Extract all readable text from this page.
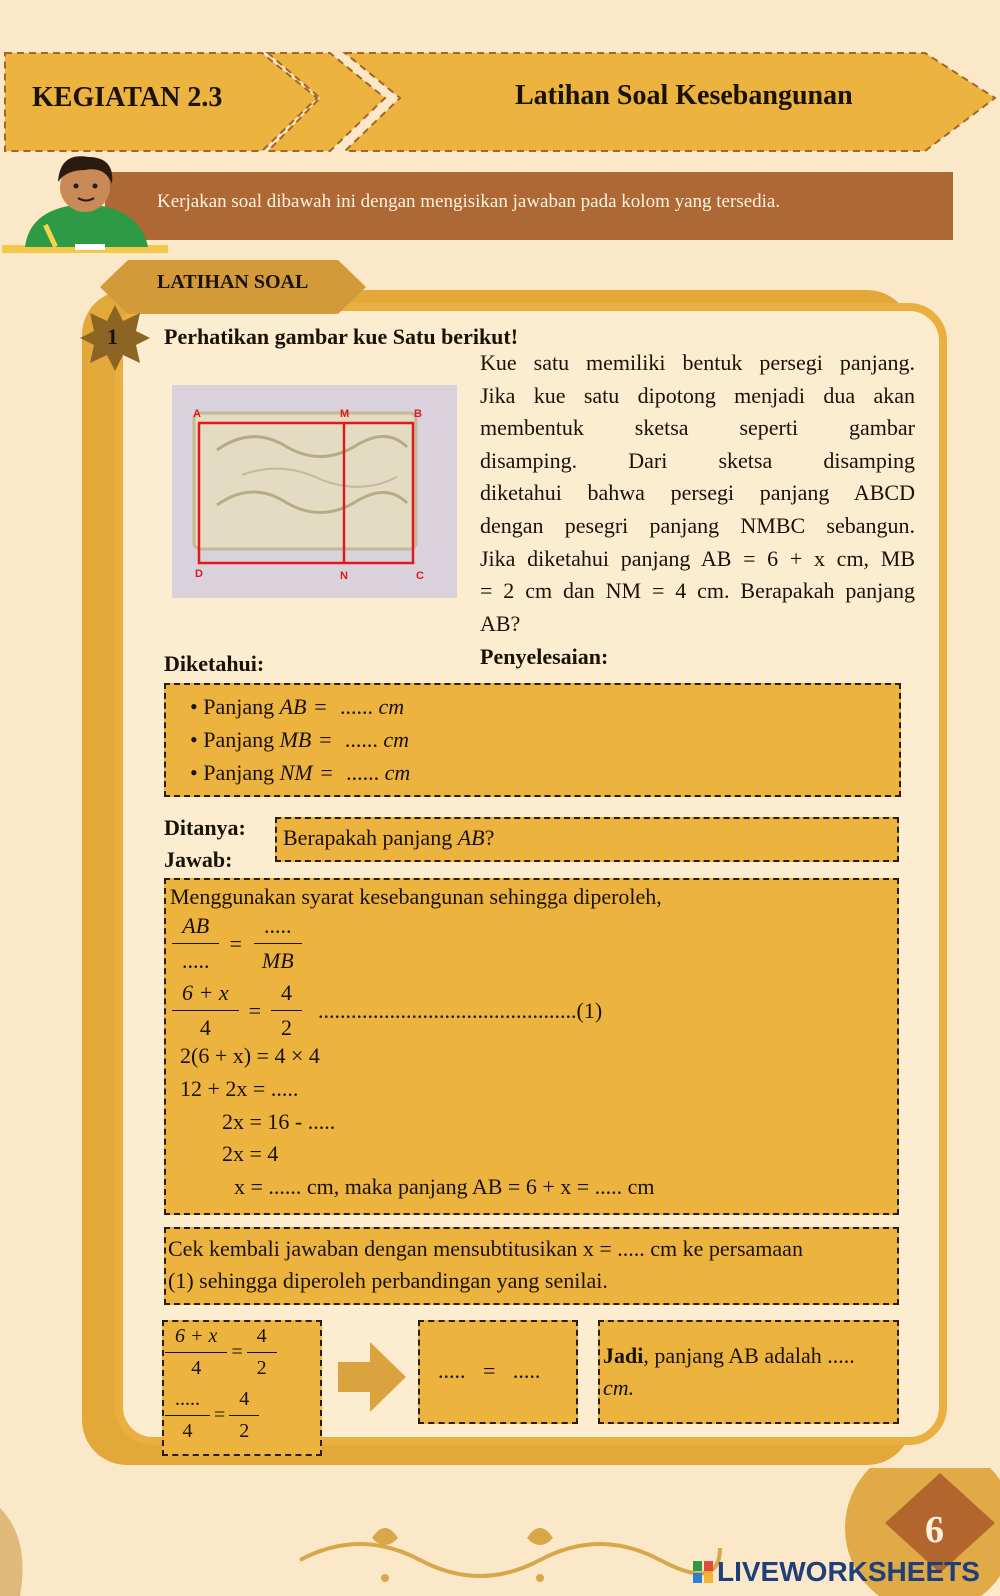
KEGIATAN 2.3	Latihan Soal Kesebangunan
Kerjakan soal dibawah ini dengan mengisikan jawaban pada kolom yang tersedia.
LATIHAN SOAL
1 Perhatikan gambar kue Satu berikut!
A	M	B
D	N	C
Kue satu memiliki bentuk persegi panjang.
Jika kue satu dipotong menjadi dua akan
membentuk sketsa seperti gambar
disamping. Dari sketsa disamping
diketahui bahwa persegi panjang ABCD
dengan pesegri panjang NMBC sebangun.
Jika diketahui panjang AB = 6 + x cm, MB
= 2 cm dan NM = 4 cm. Berapakah panjang
AB?
Diketahui:	Penyelesaian:
• Panjang AB = ...... cm
• Panjang MB = ...... cm
• Panjang NM = ...... cm
Ditanya:
Jawab:
Berapakah panjang AB?
Menggunakan syarat kesebangunan sehingga diperoleh,
$\frac{AB}{.....} = \frac{.....}{MB}$
$\frac{6 + x}{4} = \frac{4}{2} ...............................................(1)$
2(6 + x) = 4 × 4
12 + 2x = .....
2x = 16 - .....
2x = 4
x = ...... cm, maka panjang AB = 6 + x = ..... cm
Cek kembali jawaban dengan mensubtitusikan x = ..... cm ke persamaan
(1) sehingga diperoleh perbandingan yang senilai.
$\frac{6 + x}{4} = \frac{4}{2}$
$\frac{.....}{4} = \frac{4}{2}$
..... = .....
Jadi, panjang AB adalah .....
cm.
6
LIVEWORKSHEETS
